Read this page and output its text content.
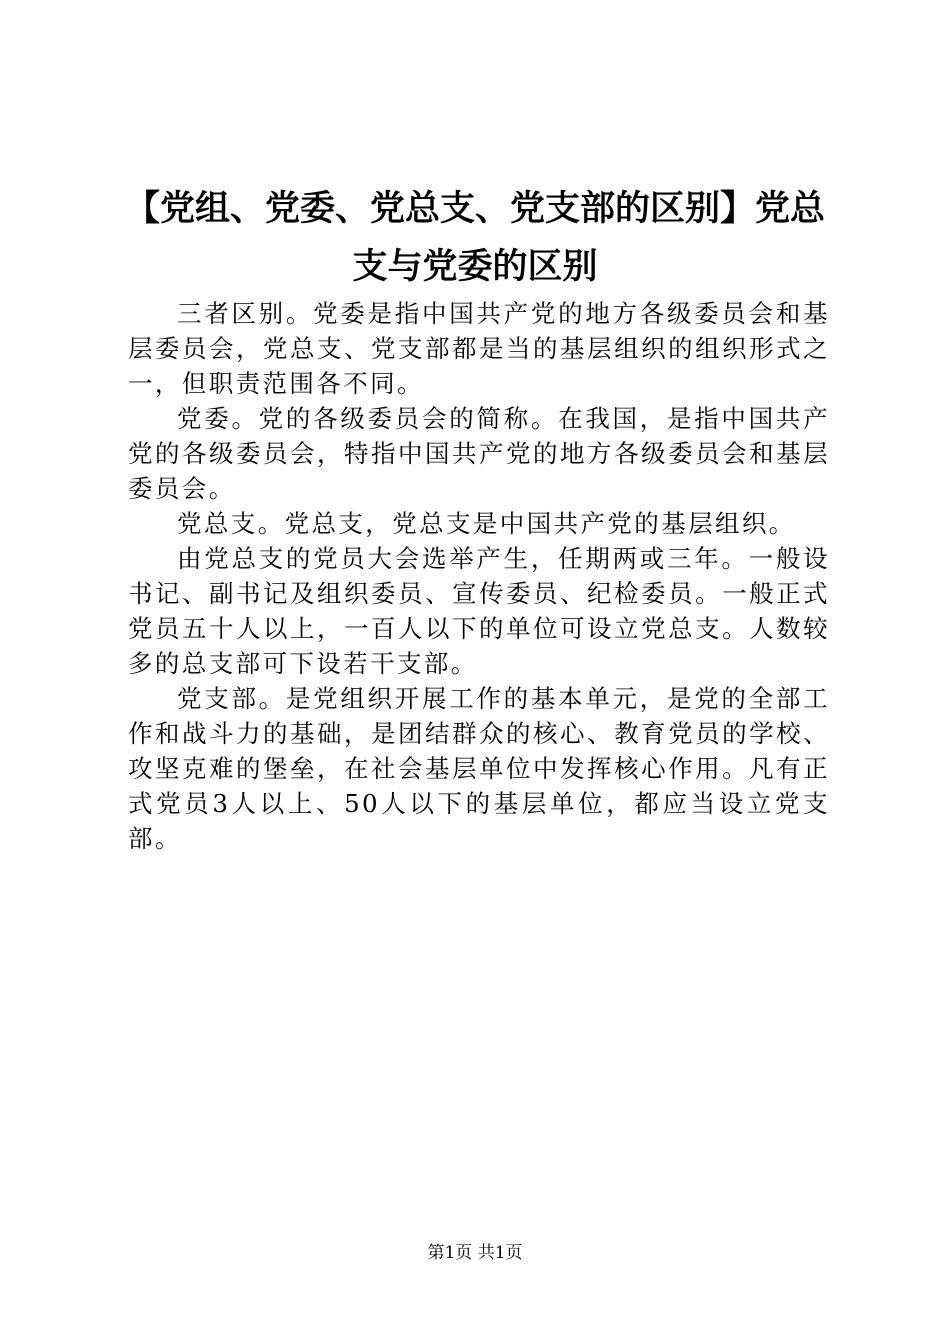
【党组、党委、党总支、党支部的区别】党总支与党委的区别

三者区别。党委是指中国共产党的地方各级委员会和基层委员会，党总支、党支部都是当的基层组织的组织形式之一，但职责范围各不同。

党委。党的各级委员会的简称。在我国，是指中国共产党的各级委员会，特指中国共产党的地方各级委员会和基层委员会。

党总支。党总支，党总支是中国共产党的基层组织。

由党总支的党员大会选举产生，任期两或三年。一般设书记、副书记及组织委员、宣传委员、纪检委员。一般正式党员五十人以上，一百人以下的单位可设立党总支。人数较多的总支部可下设若干支部。

党支部。是党组织开展工作的基本单元，是党的全部工作和战斗力的基础，是团结群众的核心、教育党员的学校、攻坚克难的堡垒，在社会基层单位中发挥核心作用。凡有正式党员3人以上、50人以下的基层单位，都应当设立党支部。

第1页 共1页
